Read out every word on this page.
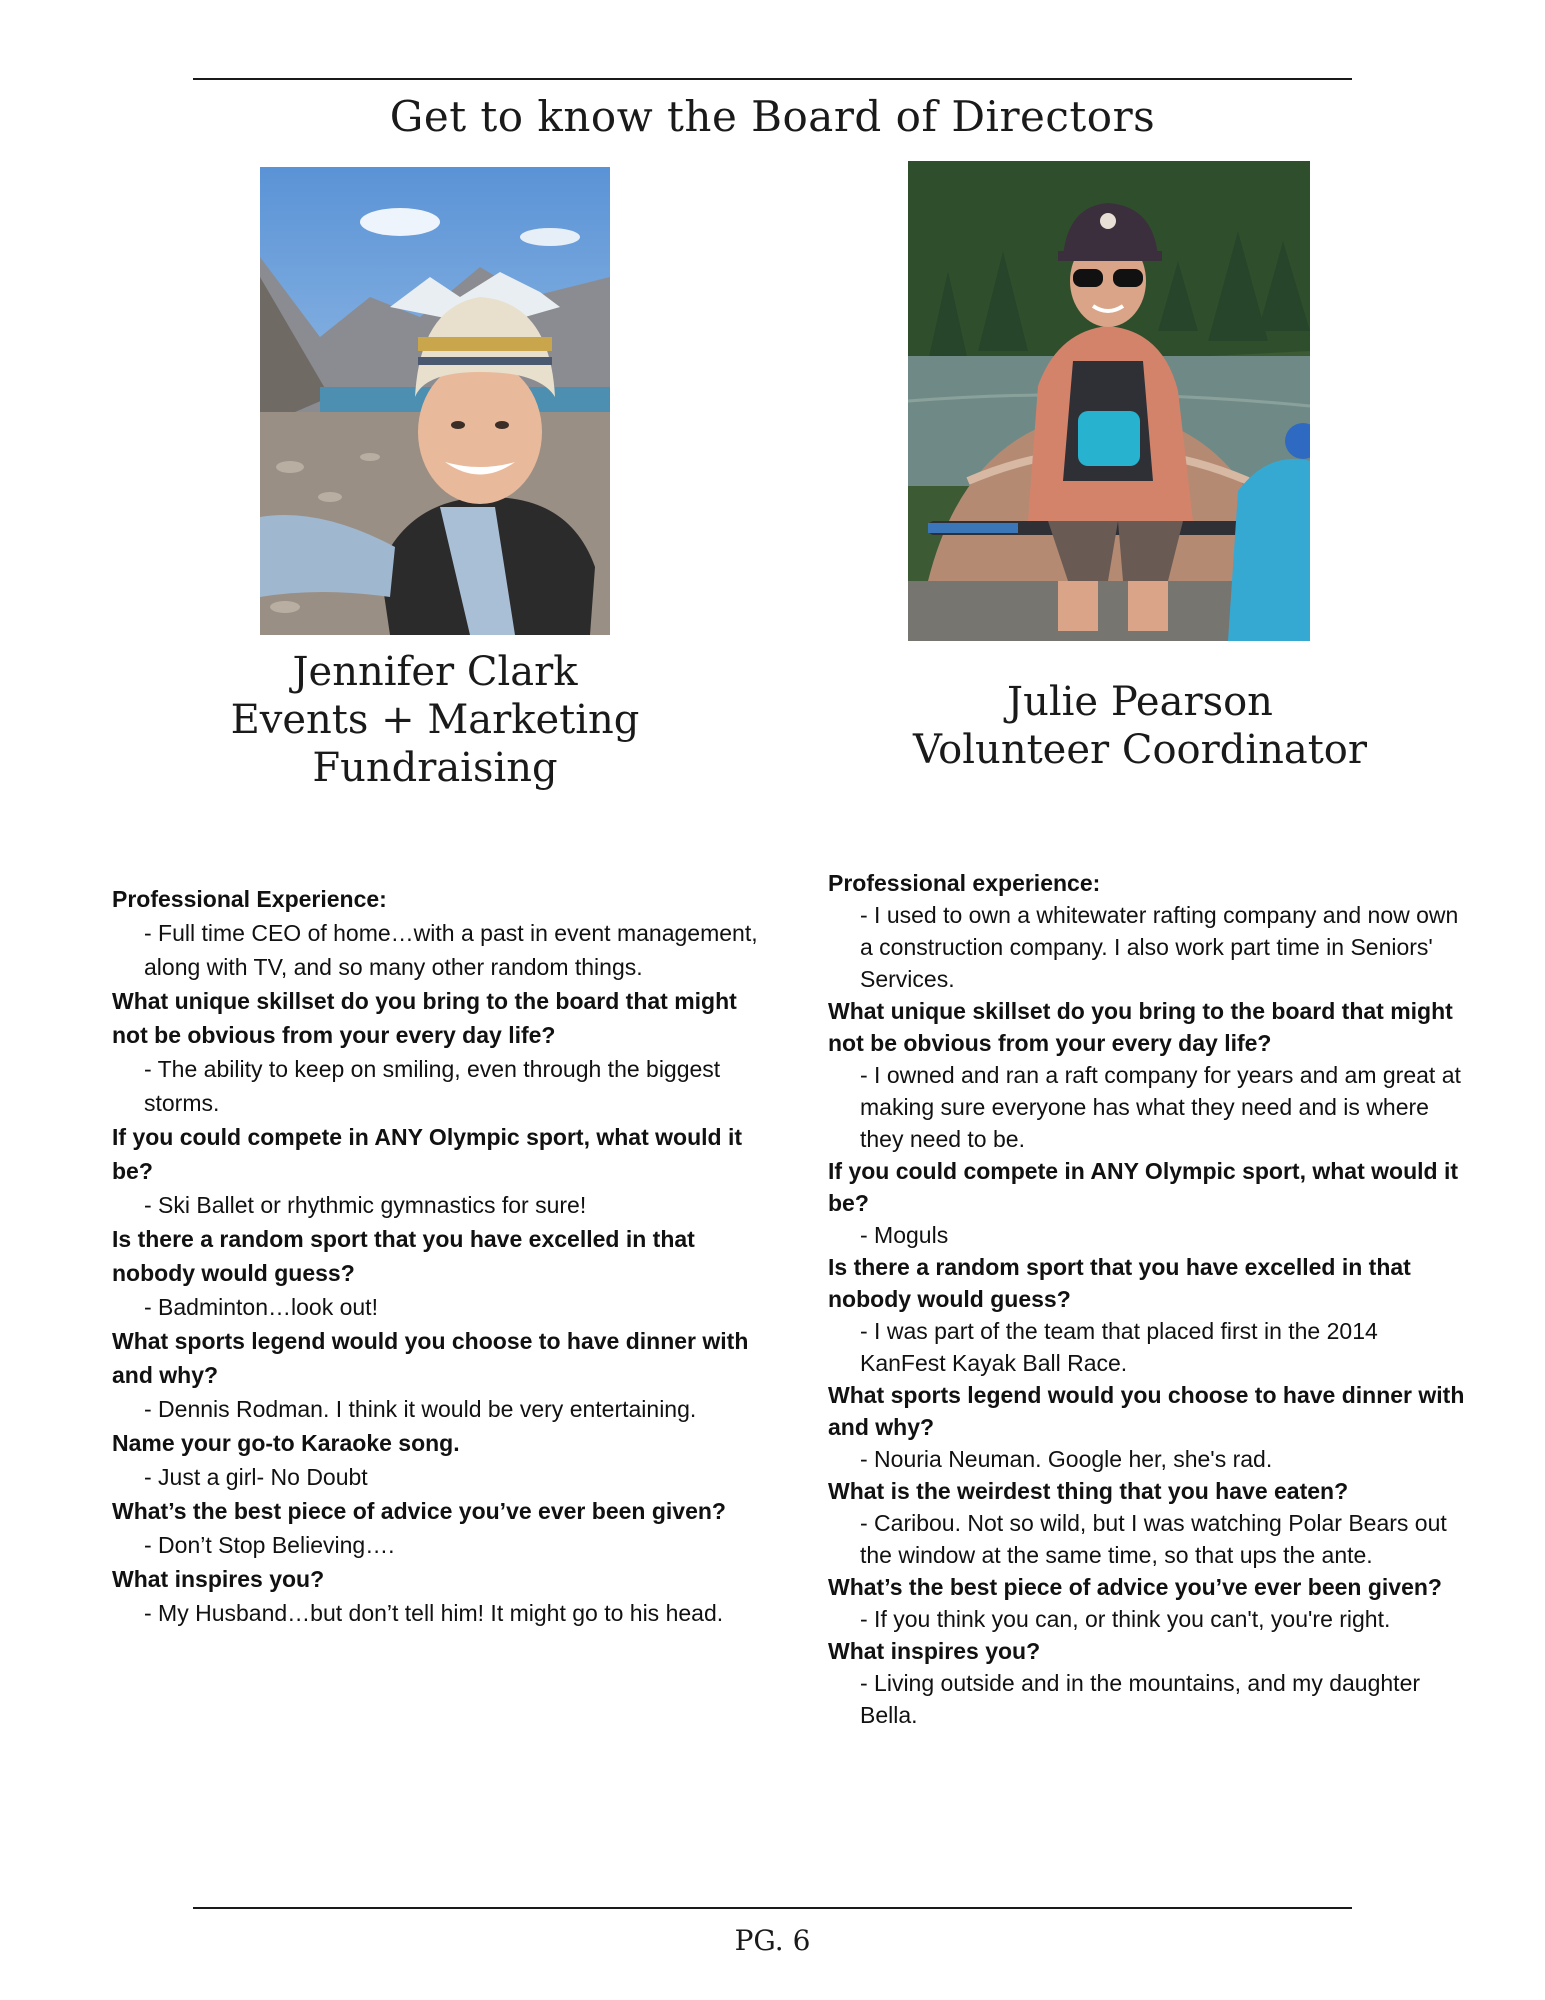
Get to know the Board of Directors
Jennifer Clark
Events + Marketing
Fundraising
Julie Pearson
Volunteer Coordinator
Professional Experience:
- Full time CEO of home…with a past in event management, along with TV, and so many other random things.
What unique skillset do you bring to the board that might not be obvious from your every day life?
- The ability to keep on smiling, even through the biggest storms.
If you could compete in ANY Olympic sport, what would it be?
- Ski Ballet or rhythmic gymnastics for sure!
Is there a random sport that you have excelled in that nobody would guess?
- Badminton…look out!
What sports legend would you choose to have dinner with and why?
- Dennis Rodman. I think it would be very entertaining.
Name your go-to Karaoke song.
- Just a girl- No Doubt
What’s the best piece of advice you’ve ever been given?
- Don’t Stop Believing….
What inspires you?
- My Husband…but don’t tell him! It might go to his head.
Professional experience:
- I used to own a whitewater rafting company and now own a construction company. I also work part time in Seniors' Services.
What unique skillset do you bring to the board that might not be obvious from your every day life?
- I owned and ran a raft company for years and am great at making sure everyone has what they need and is where they need to be.
If you could compete in ANY Olympic sport, what would it be?
- Moguls
Is there a random sport that you have excelled in that nobody would guess?
- I was part of the team that placed first in the 2014 KanFest Kayak Ball Race.
What sports legend would you choose to have dinner with and why?
- Nouria Neuman. Google her, she's rad.
What is the weirdest thing that you have eaten?
- Caribou. Not so wild, but I was watching Polar Bears out the window at the same time, so that ups the ante.
What’s the best piece of advice you’ve ever been given?
- If you think you can, or think you can't, you're right.
What inspires you?
- Living outside and in the mountains, and my daughter Bella.
PG. 6
